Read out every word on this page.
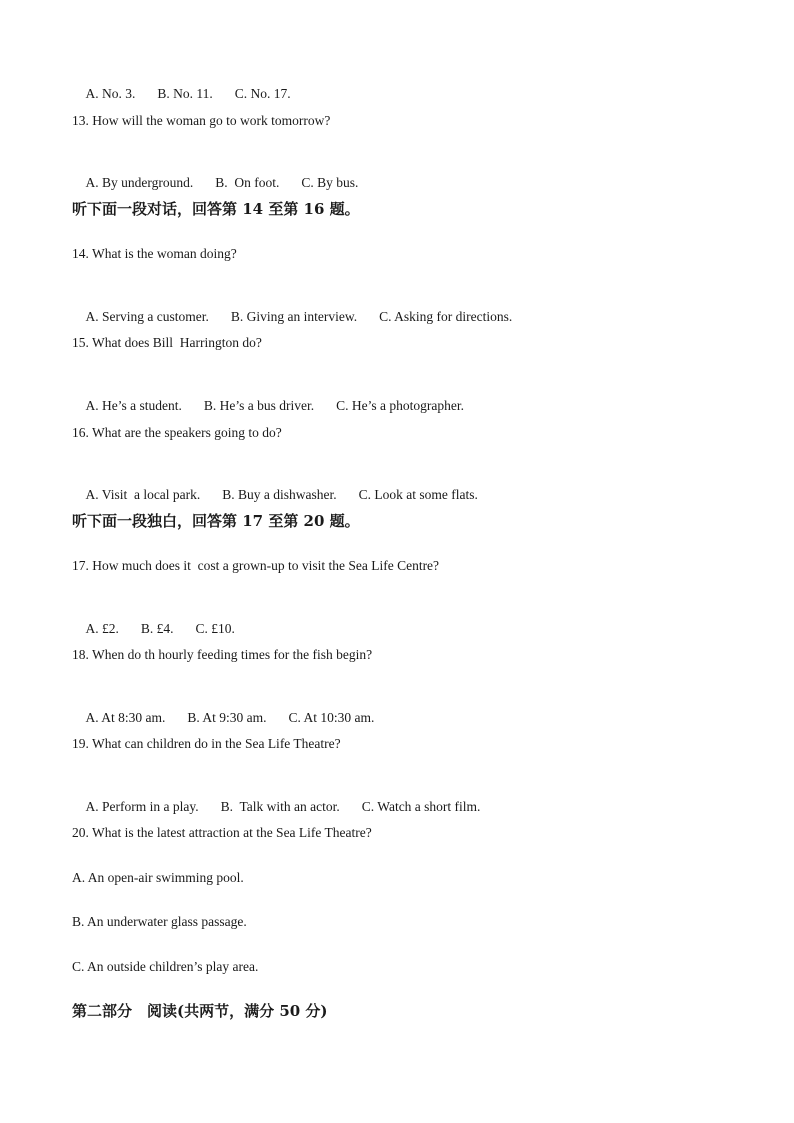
A. No. 3. B. No. 11. C. No. 17.

13. How will the woman go to work tomorrow?

A. By underground. B.  On foot. C. By bus.

听下面一段对话，回答第 14 至第 16 题。
14. What is the woman doing?

A. Serving a customer. B. Giving an interview. C. Asking for directions.

15. What does Bill  Harrington do?

A. He’s a student. B. He’s a bus driver. C. He’s a photographer.

16. What are the speakers going to do?

A. Visit  a local park. B. Buy a dishwasher. C. Look at some flats.

听下面一段独白，回答第 17 至第 20 题。
17. How much does it  cost a grown-up to visit the Sea Life Centre?

A. £2. B. £4. C. £10.

18. When do th hourly feeding times for the fish begin?

A. At 8:30 am. B. At 9:30 am. C. At 10:30 am.

19. What can children do in the Sea Life Theatre?

A. Perform in a play. B.  Talk with an actor. C. Watch a short film.

20. What is the latest attraction at the Sea Life Theatre?
A. An open-air swimming pool.
B. An underwater glass passage.
C. An outside children’s play area.
第二部分　阅读(共两节，满分 50 分)
